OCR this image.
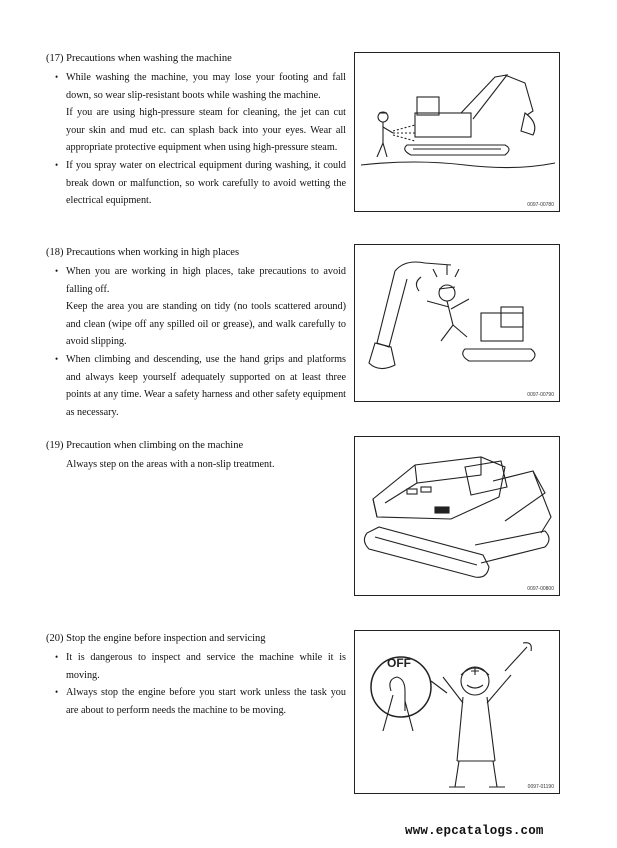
(17) Precautions when washing the machine
• While washing the machine, you may lose your footing and fall down, so wear slip-resistant boots while washing the machine.

If you are using high-pressure steam for cleaning, the jet can cut your skin and mud etc. can splash back into your eyes. Wear all appropriate protective equipment when using high-pressure steam.

• If you spray water on electrical equipment during washing, it could break down or malfunction, so work carefully to avoid wetting the electrical equipment.	0097-00780
(18) Precautions when working in high places
• When you are working in high places, take precautions to avoid falling off.

Keep the area you are standing on tidy (no tools scattered around) and clean (wipe off any spilled oil or grease), and walk carefully to avoid slipping.

• When climbing and descending, use the hand grips and platforms and always keep yourself adequately supported on at least three points at any time. Wear a safety harness and other safety equipment as necessary.

0097-00790
(19) Precaution when climbing on the machine

Always step on the areas with a non-slip treatment.

0097-00800
(20) Stop the engine before inspection and servicing
• It is dangerous to inspect and service the machine while it is moving.

• Always stop the engine before you start work unless the task you are about to perform needs the machine to be moving.

OFF
0097-01190
www.epcatalogs.com
